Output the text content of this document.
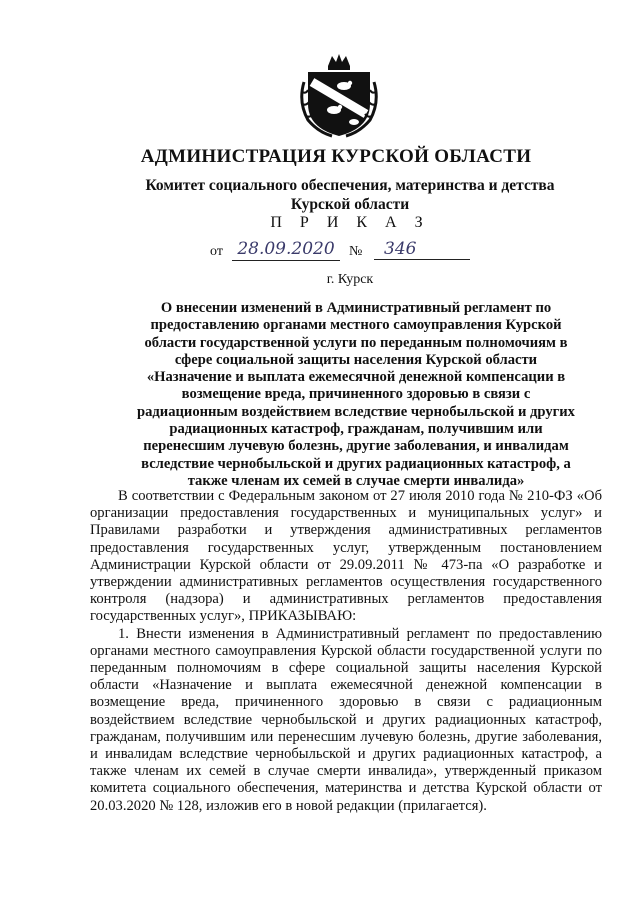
АДМИНИСТРАЦИЯ КУРСКОЙ ОБЛАСТИ
Комитет социального обеспечения, материнства и детства
Курской области
П Р И К А З
от 28.09.2020	№	346
г. Курск
О внесении изменений в Административный регламент по
предоставлению органами местного самоуправления Курской
области государственной услуги по переданным полномочиям в
сфере социальной защиты населения Курской области
«Назначение и выплата ежемесячной денежной компенсации в
возмещение вреда, причиненного здоровью в связи с
радиационным воздействием вследствие чернобыльской и других
радиационных катастроф, гражданам, получившим или
перенесшим лучевую болезнь, другие заболевания, и инвалидам
вследствие чернобыльской и других радиационных катастроф, а
также членам их семей в случае смерти инвалида»

В соответствии с Федеральным законом от 27 июля 2010 года № 210-ФЗ «Об организации предоставления государственных и муниципальных услуг» и Правилами разработки и утверждения административных регламентов предоставления государственных услуг, утвержденным постановлением Администрации Курской области от 29.09.2011 № 473-па «О разработке и утверждении административных регламентов осуществления государственного контроля (надзора) и административных регламентов предоставления государственных услуг», ПРИКАЗЫВАЮ:

1. Внести изменения в Административный регламент по предоставлению органами местного самоуправления Курской области государственной услуги по переданным полномочиям в сфере социальной защиты населения Курской области «Назначение и выплата ежемесячной денежной компенсации в возмещение вреда, причиненного здоровью в связи с радиационным воздействием вследствие чернобыльской и других радиационных катастроф, гражданам, получившим или перенесшим лучевую болезнь, другие заболевания, и инвалидам вследствие чернобыльской и других радиационных катастроф, а также членам их семей в случае смерти инвалида», утвержденный приказом комитета социального обеспечения, материнства и детства Курской области от 20.03.2020 № 128, изложив его в новой редакции (прилагается).
